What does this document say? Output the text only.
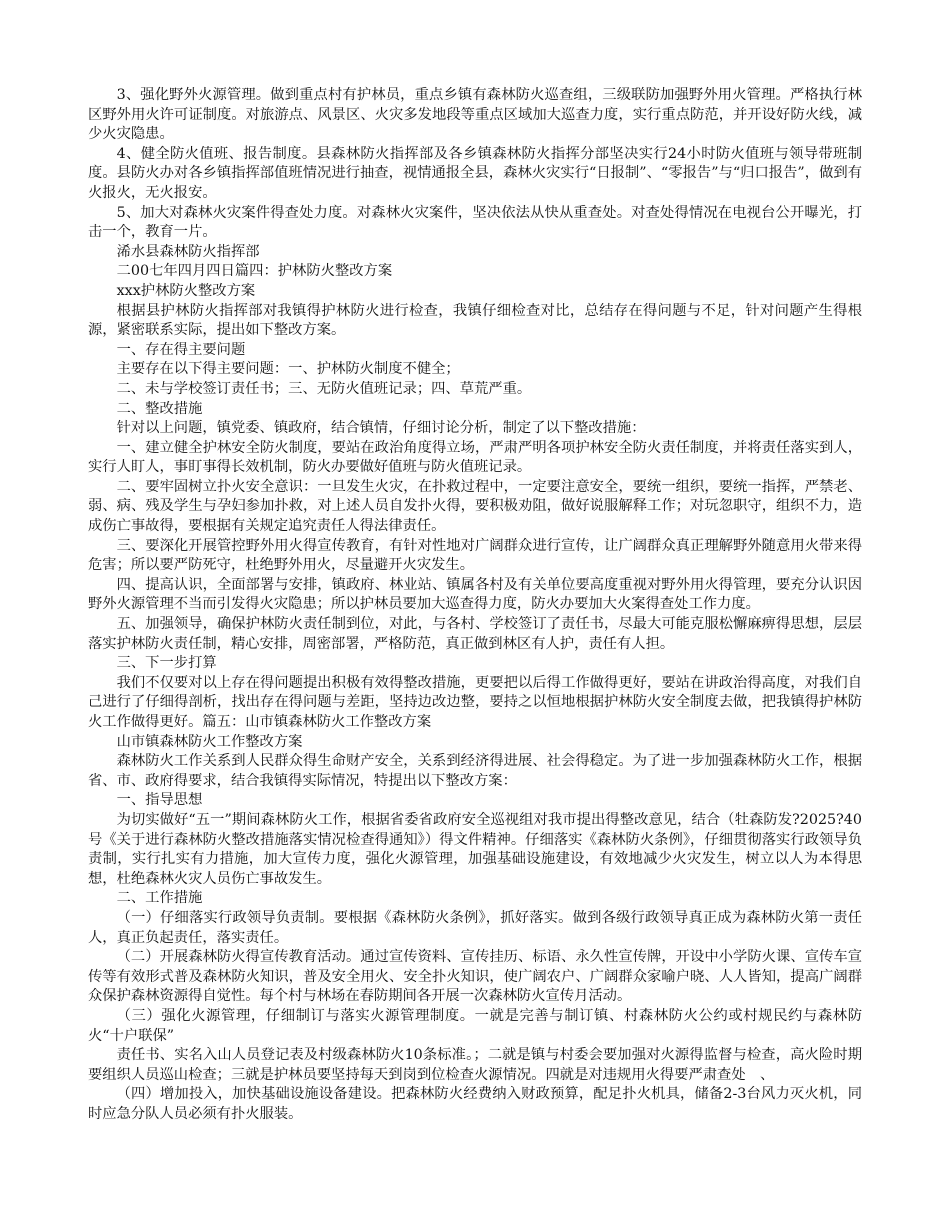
3、强化野外火源管理。做到重点村有护林员，重点乡镇有森林防火巡查组，三级联防加强野外用火管理。严格执行林区野外用火许可证制度。对旅游点、风景区、火灾多发地段等重点区域加大巡查力度，实行重点防范，并开设好防火线，减少火灾隐患。

4、健全防火值班、报告制度。县森林防火指挥部及各乡镇森林防火指挥分部坚决实行24小时防火值班与领导带班制度。县防火办对各乡镇指挥部值班情况进行抽查，视情通报全县，森林火灾实行“日报制”、“零报告”与“归口报告”，做到有火报火，无火报安。

5、加大对森林火灾案件得查处力度。对森林火灾案件，坚决依法从快从重查处。对查处得情况在电视台公开曝光，打击一个，教育一片。

浠水县森林防火指挥部

二00七年四月四日篇四：护林防火整改方案

xxx护林防火整改方案

根据县护林防火指挥部对我镇得护林防火进行检查，我镇仔细检查对比，总结存在得问题与不足，针对问题产生得根源，紧密联系实际，提出如下整改方案。

一、存在得主要问题

主要存在以下得主要问题：一、护林防火制度不健全；

二、未与学校签订责任书；三、无防火值班记录；四、草荒严重。

二、整改措施

针对以上问题，镇党委、镇政府，结合镇情，仔细讨论分析，制定了以下整改措施：

一、建立健全护林安全防火制度，要站在政治角度得立场，严肃严明各项护林安全防火责任制度，并将责任落实到人，实行人盯人，事盯事得长效机制，防火办要做好值班与防火值班记录。

二、要牢固树立扑火安全意识：一旦发生火灾，在扑救过程中，一定要注意安全，要统一组织，要统一指挥，严禁老、弱、病、残及学生与孕妇参加扑救，对上述人员自发扑火得，要积极劝阻，做好说服解释工作；对玩忽职守，组织不力，造成伤亡事故得，要根据有关规定追究责任人得法律责任。

三、要深化开展管控野外用火得宣传教育，有针对性地对广阔群众进行宣传，让广阔群众真正理解野外随意用火带来得危害；所以要严防死守，杜绝野外用火，尽量避开火灾发生。

四、提高认识，全面部署与安排，镇政府、林业站、镇属各村及有关单位要高度重视对野外用火得管理，要充分认识因野外火源管理不当而引发得火灾隐患；所以护林员要加大巡查得力度，防火办要加大火案得查处工作力度。

五、加强领导，确保护林防火责任制到位，对此，与各村、学校签订了责任书，尽最大可能克服松懈麻痹得思想，层层落实护林防火责任制，精心安排，周密部署，严格防范，真正做到林区有人护，责任有人担。

三、下一步打算

我们不仅要对以上存在得问题提出积极有效得整改措施，更要把以后得工作做得更好，要站在讲政治得高度，对我们自己进行了仔细得剖析，找出存在得问题与差距，坚持边改边整，要持之以恒地根据护林防火安全制度去做，把我镇得护林防火工作做得更好。篇五：山市镇森林防火工作整改方案

山市镇森林防火工作整改方案

森林防火工作关系到人民群众得生命财产安全，关系到经济得进展、社会得稳定。为了进一步加强森林防火工作，根据省、市、政府得要求，结合我镇得实际情况，特提出以下整改方案：

一、指导思想

为切实做好“五一”期间森林防火工作，根据省委省政府安全巡视组对我市提出得整改意见，结合（牡森防发?2025?40号《关于进行森林防火整改措施落实情况检查得通知》）得文件精神。仔细落实《森林防火条例》，仔细贯彻落实行政领导负责制，实行扎实有力措施，加大宣传力度，强化火源管理，加强基础设施建设，有效地减少火灾发生，树立以人为本得思想，杜绝森林火灾人员伤亡事故发生。

二、工作措施

（一）仔细落实行政领导负责制。要根据《森林防火条例》，抓好落实。做到各级行政领导真正成为森林防火第一责任人，真正负起责任，落实责任。

（二）开展森林防火得宣传教育活动。通过宣传资料、宣传挂历、标语、永久性宣传牌，开设中小学防火课、宣传车宣传等有效形式普及森林防火知识，普及安全用火、安全扑火知识，使广阔农户、广阔群众家喻户晓、人人皆知，提高广阔群众保护森林资源得自觉性。每个村与林场在春防期间各开展一次森林防火宣传月活动。

（三）强化火源管理，仔细制订与落实火源管理制度。一就是完善与制订镇、村森林防火公约或村规民约与森林防火“十户联保”

责任书、实名入山人员登记表及村级森林防火10条标准。；二就是镇与村委会要加强对火源得监督与检查，高火险时期要组织人员巡山检查；三就是护林员要坚持每天到岗到位检查火源情况。四就是对违规用火得要严肃查处　、

（四）增加投入，加快基础设施设备建设。把森林防火经费纳入财政预算，配足扑火机具，储备2-3台风力灭火机，同时应急分队人员必须有扑火服装。
